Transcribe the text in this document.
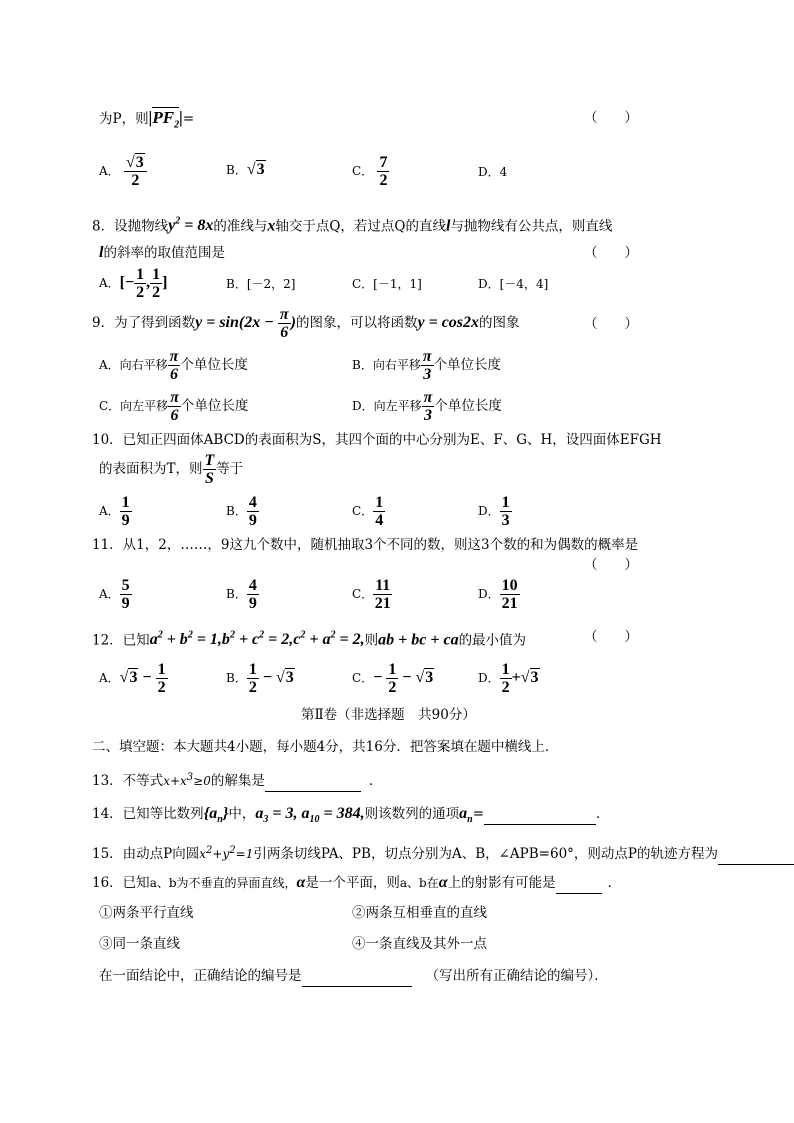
为P，则$|PF_2|=$	（　　）
A． $\frac{√3}{2}$	B．√3	C． $\frac{7}{2}$	D．4
8．设抛物线$y^2 = 8x$的准线与x轴交于点Q，若过点Q的直线l与抛物线有公共点，则直线
l的斜率的取值范围是	（　　）
A．[− $\frac{1}{2}$ , $\frac{1}{2}$ ]	B．[－2，2]	C．[－1，1]	D．[－4，4]
9．为了得到函数$y = \sin(2x - \frac{\pi}{6}$ )的图象，可以将函数y = cos2x的图象	（　　）
A．向右平移 $\frac{\pi}{6}$ 个单位长度	B．向右平移 $\frac{\pi}{3}$ 个单位长度
C．向左平移 $\frac{\pi}{6}$ 个单位长度	D．向左平移 $\frac{\pi}{3}$ 个单位长度
10．已知正四面体ABCD的表面积为S，其四个面的中心分别为E、F、G、H，设四面体EFGH
的表面积为T，则 $\frac{T}{S}$ 等于
A． $\frac{1}{9}$	B． $\frac{4}{9}$	C． $\frac{1}{4}$	D． $\frac{1}{3}$
11．从1，2，……，9这九个数中，随机抽取3个不同的数，则这3个数的和为偶数的概率是
（　　）
A． $\frac{5}{9}$	B． $\frac{4}{9}$	C． $\frac{11}{21}$	D． $\frac{10}{21}$
12．已知$a^2 + b^2 = 1,b^2 + c^2 = 2,c^2 + a^2 = 2$,则ab + bc + ca的最小值为	（　　）
A．$√3 - \frac{1}{2}$	B． $\frac{1}{2} - √3$	C．− $\frac{1}{2} - √3$	D． $\frac{1}{2} +√3$
第Ⅱ卷（非选择题　共90分）
二、填空题：本大题共4小题，每小题4分，共16分．把答案填在题中横线上．
13．不等式$x+x^3\ge 0$的解集是	．
14．已知等比数列$\{a_n\}$中，$a_3 = 3$, $a_{10} = 384$,则该数列的通项$a_n=$	．
15．由动点P向圆$x^2+y^2=1$引两条切线PA、PB，切点分别为A、B，∠APB=60°，则动点P的轨迹方程为
16．已知a、b为不垂直的异面直线，α是一个平面，则a、b在α上的射影有可能是	．
①两条平行直线	②两条互相垂直的直线
③同一条直线	④一条直线及其外一点
在一面结论中，正确结论的编号是	（写出所有正确结论的编号）．
